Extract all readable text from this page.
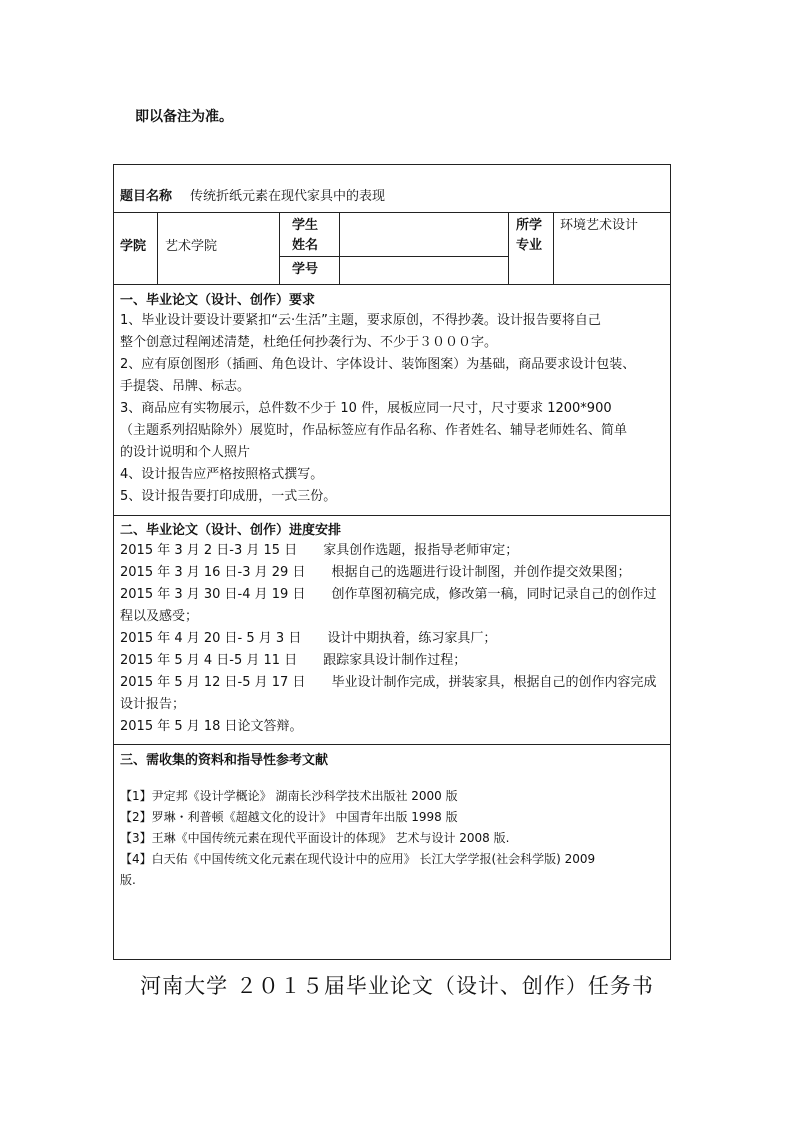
即以备注为准。
题目名称 传统折纸元素在现代家具中的表现
学院 艺术学院
学生
姓名
学号
所学
专业
环境艺术设计
一、毕业论文（设计、创作）要求
1、毕业设计要设计要紧扣“云·生活”主题，要求原创，不得抄袭。设计报告要将自己
整个创意过程阐述清楚，杜绝任何抄袭行为、不少于３０００字。
2、应有原创图形（插画、角色设计、字体设计、装饰图案）为基础，商品要求设计包装、
手提袋、吊牌、标志。
3、商品应有实物展示，总件数不少于 10 件，展板应同一尺寸，尺寸要求 1200*900
（主题系列招贴除外）展览时，作品标签应有作品名称、作者姓名、辅导老师姓名、简单
的设计说明和个人照片
4、设计报告应严格按照格式撰写。
5、设计报告要打印成册，一式三份。
二、毕业论文（设计、创作）进度安排
2015 年 3 月 2 日-3 月 15 日　　家具创作选题，报指导老师审定；
2015 年 3 月 16 日-3 月 29 日　　根据自己的选题进行设计制图，并创作提交效果图；
2015 年 3 月 30 日-4 月 19 日　　创作草图初稿完成，修改第一稿，同时记录自己的创作过
程以及感受；
2015 年 4 月 20 日- 5 月 3 日　　设计中期执着，练习家具厂；
2015 年 5 月 4 日-5 月 11 日　　跟踪家具设计制作过程；
2015 年 5 月 12 日-5 月 17 日　　毕业设计制作完成，拼装家具，根据自己的创作内容完成
设计报告；
2015 年 5 月 18 日论文答辩。
三、需收集的资料和指导性参考文献
【1】尹定邦《设计学概论》 湖南长沙科学技术出版社 2000 版
【2】罗琳・利普顿《超越文化的设计》 中国青年出版 1998 版
【3】王琳《中国传统元素在现代平面设计的体现》 艺术与设计 2008 版.
【4】白天佑《中国传统文化元素在现代设计中的应用》 长江大学学报(社会科学版) 2009
版.
河南大学 ２０１５届毕业论文（设计、创作）任务书
